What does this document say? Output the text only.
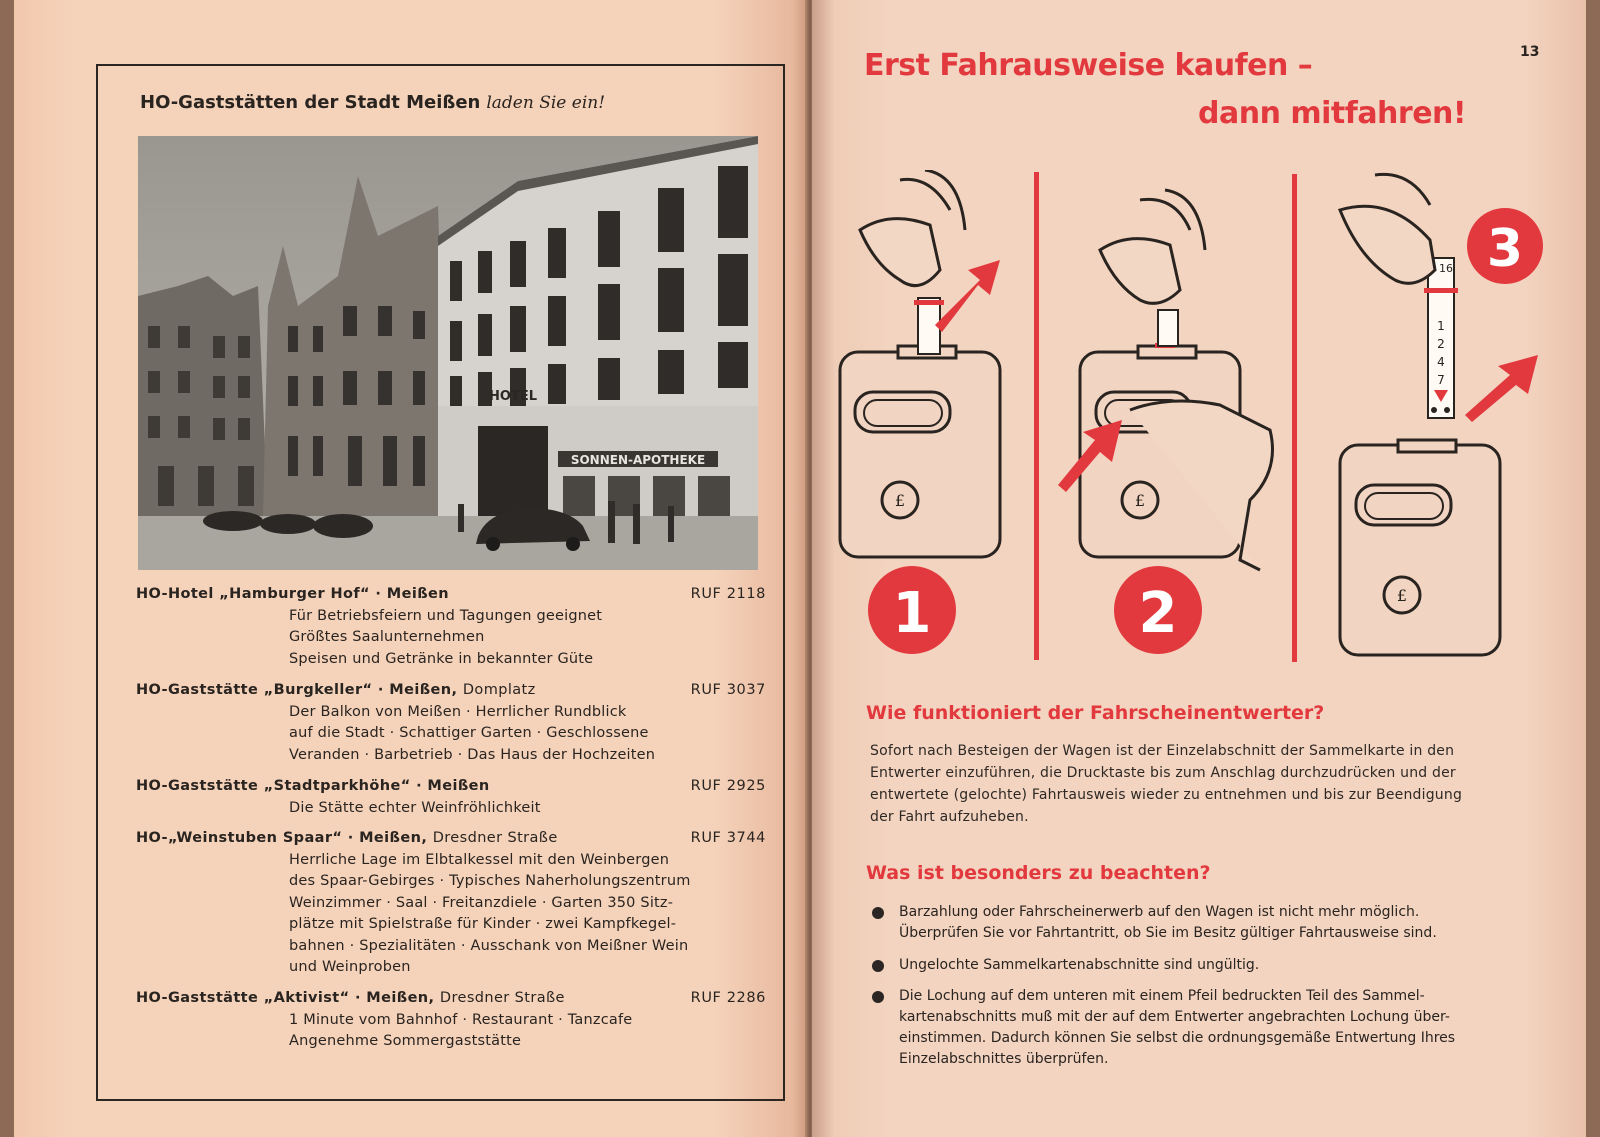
HO-Gaststätten der Stadt Meißen laden Sie ein!
SONNEN-APOTHEKE
HOTEL
HO-Hotel „Hamburger Hof“ · Meißen	RUF 2118
Für Betriebsfeiern und Tagungen geeignet
Größtes Saalunternehmen
Speisen und Getränke in bekannter Güte
HO-Gaststätte „Burgkeller“ · Meißen, Domplatz	RUF 3037
Der Balkon von Meißen · Herrlicher Rundblick
auf die Stadt · Schattiger Garten · Geschlossene
Veranden · Barbetrieb · Das Haus der Hochzeiten
HO-Gaststätte „Stadtparkhöhe“ · Meißen	RUF 2925
Die Stätte echter Weinfröhlichkeit
HO-„Weinstuben Spaar“ · Meißen, Dresdner Straße	RUF 3744
Herrliche Lage im Elbtalkessel mit den Weinbergen
des Spaar-Gebirges · Typisches Naherholungszentrum
Weinzimmer · Saal · Freitanzdiele · Garten 350 Sitz-
plätze mit Spielstraße für Kinder · zwei Kampfkegel-
bahnen · Spezialitäten · Ausschank von Meißner Wein
und Weinproben
HO-Gaststätte „Aktivist“ · Meißen, Dresdner Straße	RUF 2286
1 Minute vom Bahnhof · Restaurant · Tanzcafe
Angenehme Sommergaststätte
13
Erst Fahrausweise kaufen –
dann mitfahren!
£
1
£
2	£
16
1
2
4
7
3
Wie funktioniert der Fahrscheinentwerter?
Sofort nach Besteigen der Wagen ist der Einzelabschnitt der Sammelkarte in den
Entwerter einzuführen, die Drucktaste bis zum Anschlag durchzudrücken und der
entwertete (gelochte) Fahrtausweis wieder zu entnehmen und bis zur Beendigung
der Fahrt aufzuheben.
Was ist besonders zu beachten?
Barzahlung oder Fahrscheinerwerb auf den Wagen ist nicht mehr möglich.
Überprüfen Sie vor Fahrtantritt, ob Sie im Besitz gültiger Fahrtausweise sind.
Ungelochte Sammelkartenabschnitte sind ungültig.
Die Lochung auf dem unteren mit einem Pfeil bedruckten Teil des Sammel-
kartenabschnitts muß mit der auf dem Entwerter angebrachten Lochung über-
einstimmen. Dadurch können Sie selbst die ordnungsgemäße Entwertung Ihres
Einzelabschnittes überprüfen.
